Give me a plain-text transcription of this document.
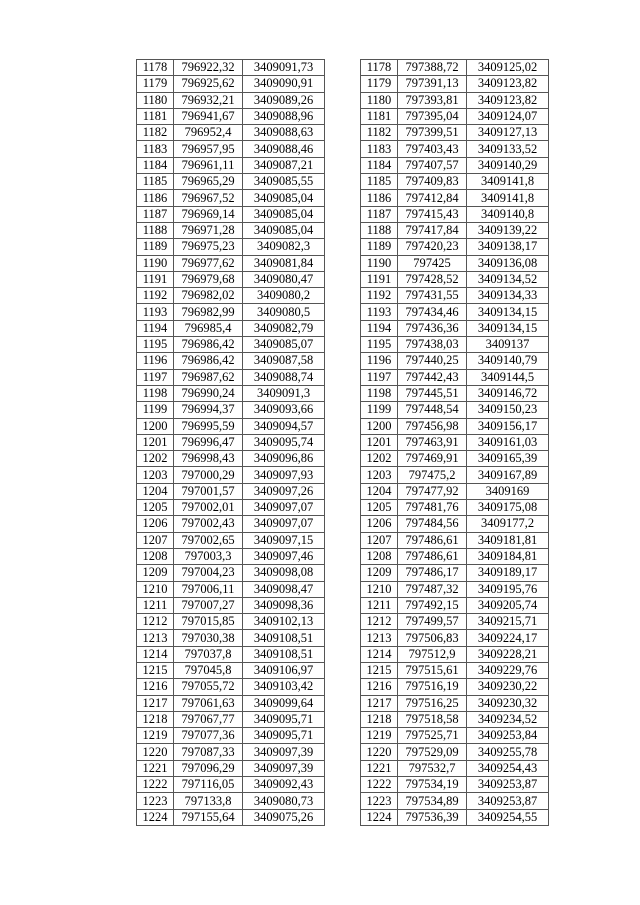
1178	796922,32	3409091,73
1179	796925,62	3409090,91
1180	796932,21	3409089,26
1181	796941,67	3409088,96
1182	796952,4	3409088,63
1183	796957,95	3409088,46
1184	796961,11	3409087,21
1185	796965,29	3409085,55
1186	796967,52	3409085,04
1187	796969,14	3409085,04
1188	796971,28	3409085,04
1189	796975,23	3409082,3
1190	796977,62	3409081,84
1191	796979,68	3409080,47
1192	796982,02	3409080,2
1193	796982,99	3409080,5
1194	796985,4	3409082,79
1195	796986,42	3409085,07
1196	796986,42	3409087,58
1197	796987,62	3409088,74
1198	796990,24	3409091,3
1199	796994,37	3409093,66
1200	796995,59	3409094,57
1201	796996,47	3409095,74
1202	796998,43	3409096,86
1203	797000,29	3409097,93
1204	797001,57	3409097,26
1205	797002,01	3409097,07
1206	797002,43	3409097,07
1207	797002,65	3409097,15
1208	797003,3	3409097,46
1209	797004,23	3409098,08
1210	797006,11	3409098,47
1211	797007,27	3409098,36
1212	797015,85	3409102,13
1213	797030,38	3409108,51
1214	797037,8	3409108,51
1215	797045,8	3409106,97
1216	797055,72	3409103,42
1217	797061,63	3409099,64
1218	797067,77	3409095,71
1219	797077,36	3409095,71
1220	797087,33	3409097,39
1221	797096,29	3409097,39
1222	797116,05	3409092,43
1223	797133,8	3409080,73
1224	797155,64	3409075,26
1178	797388,72	3409125,02
1179	797391,13	3409123,82
1180	797393,81	3409123,82
1181	797395,04	3409124,07
1182	797399,51	3409127,13
1183	797403,43	3409133,52
1184	797407,57	3409140,29
1185	797409,83	3409141,8
1186	797412,84	3409141,8
1187	797415,43	3409140,8
1188	797417,84	3409139,22
1189	797420,23	3409138,17
1190	797425	3409136,08
1191	797428,52	3409134,52
1192	797431,55	3409134,33
1193	797434,46	3409134,15
1194	797436,36	3409134,15
1195	797438,03	3409137
1196	797440,25	3409140,79
1197	797442,43	3409144,5
1198	797445,51	3409146,72
1199	797448,54	3409150,23
1200	797456,98	3409156,17
1201	797463,91	3409161,03
1202	797469,91	3409165,39
1203	797475,2	3409167,89
1204	797477,92	3409169
1205	797481,76	3409175,08
1206	797484,56	3409177,2
1207	797486,61	3409181,81
1208	797486,61	3409184,81
1209	797486,17	3409189,17
1210	797487,32	3409195,76
1211	797492,15	3409205,74
1212	797499,57	3409215,71
1213	797506,83	3409224,17
1214	797512,9	3409228,21
1215	797515,61	3409229,76
1216	797516,19	3409230,22
1217	797516,25	3409230,32
1218	797518,58	3409234,52
1219	797525,71	3409253,84
1220	797529,09	3409255,78
1221	797532,7	3409254,43
1222	797534,19	3409253,87
1223	797534,89	3409253,87
1224	797536,39	3409254,55
